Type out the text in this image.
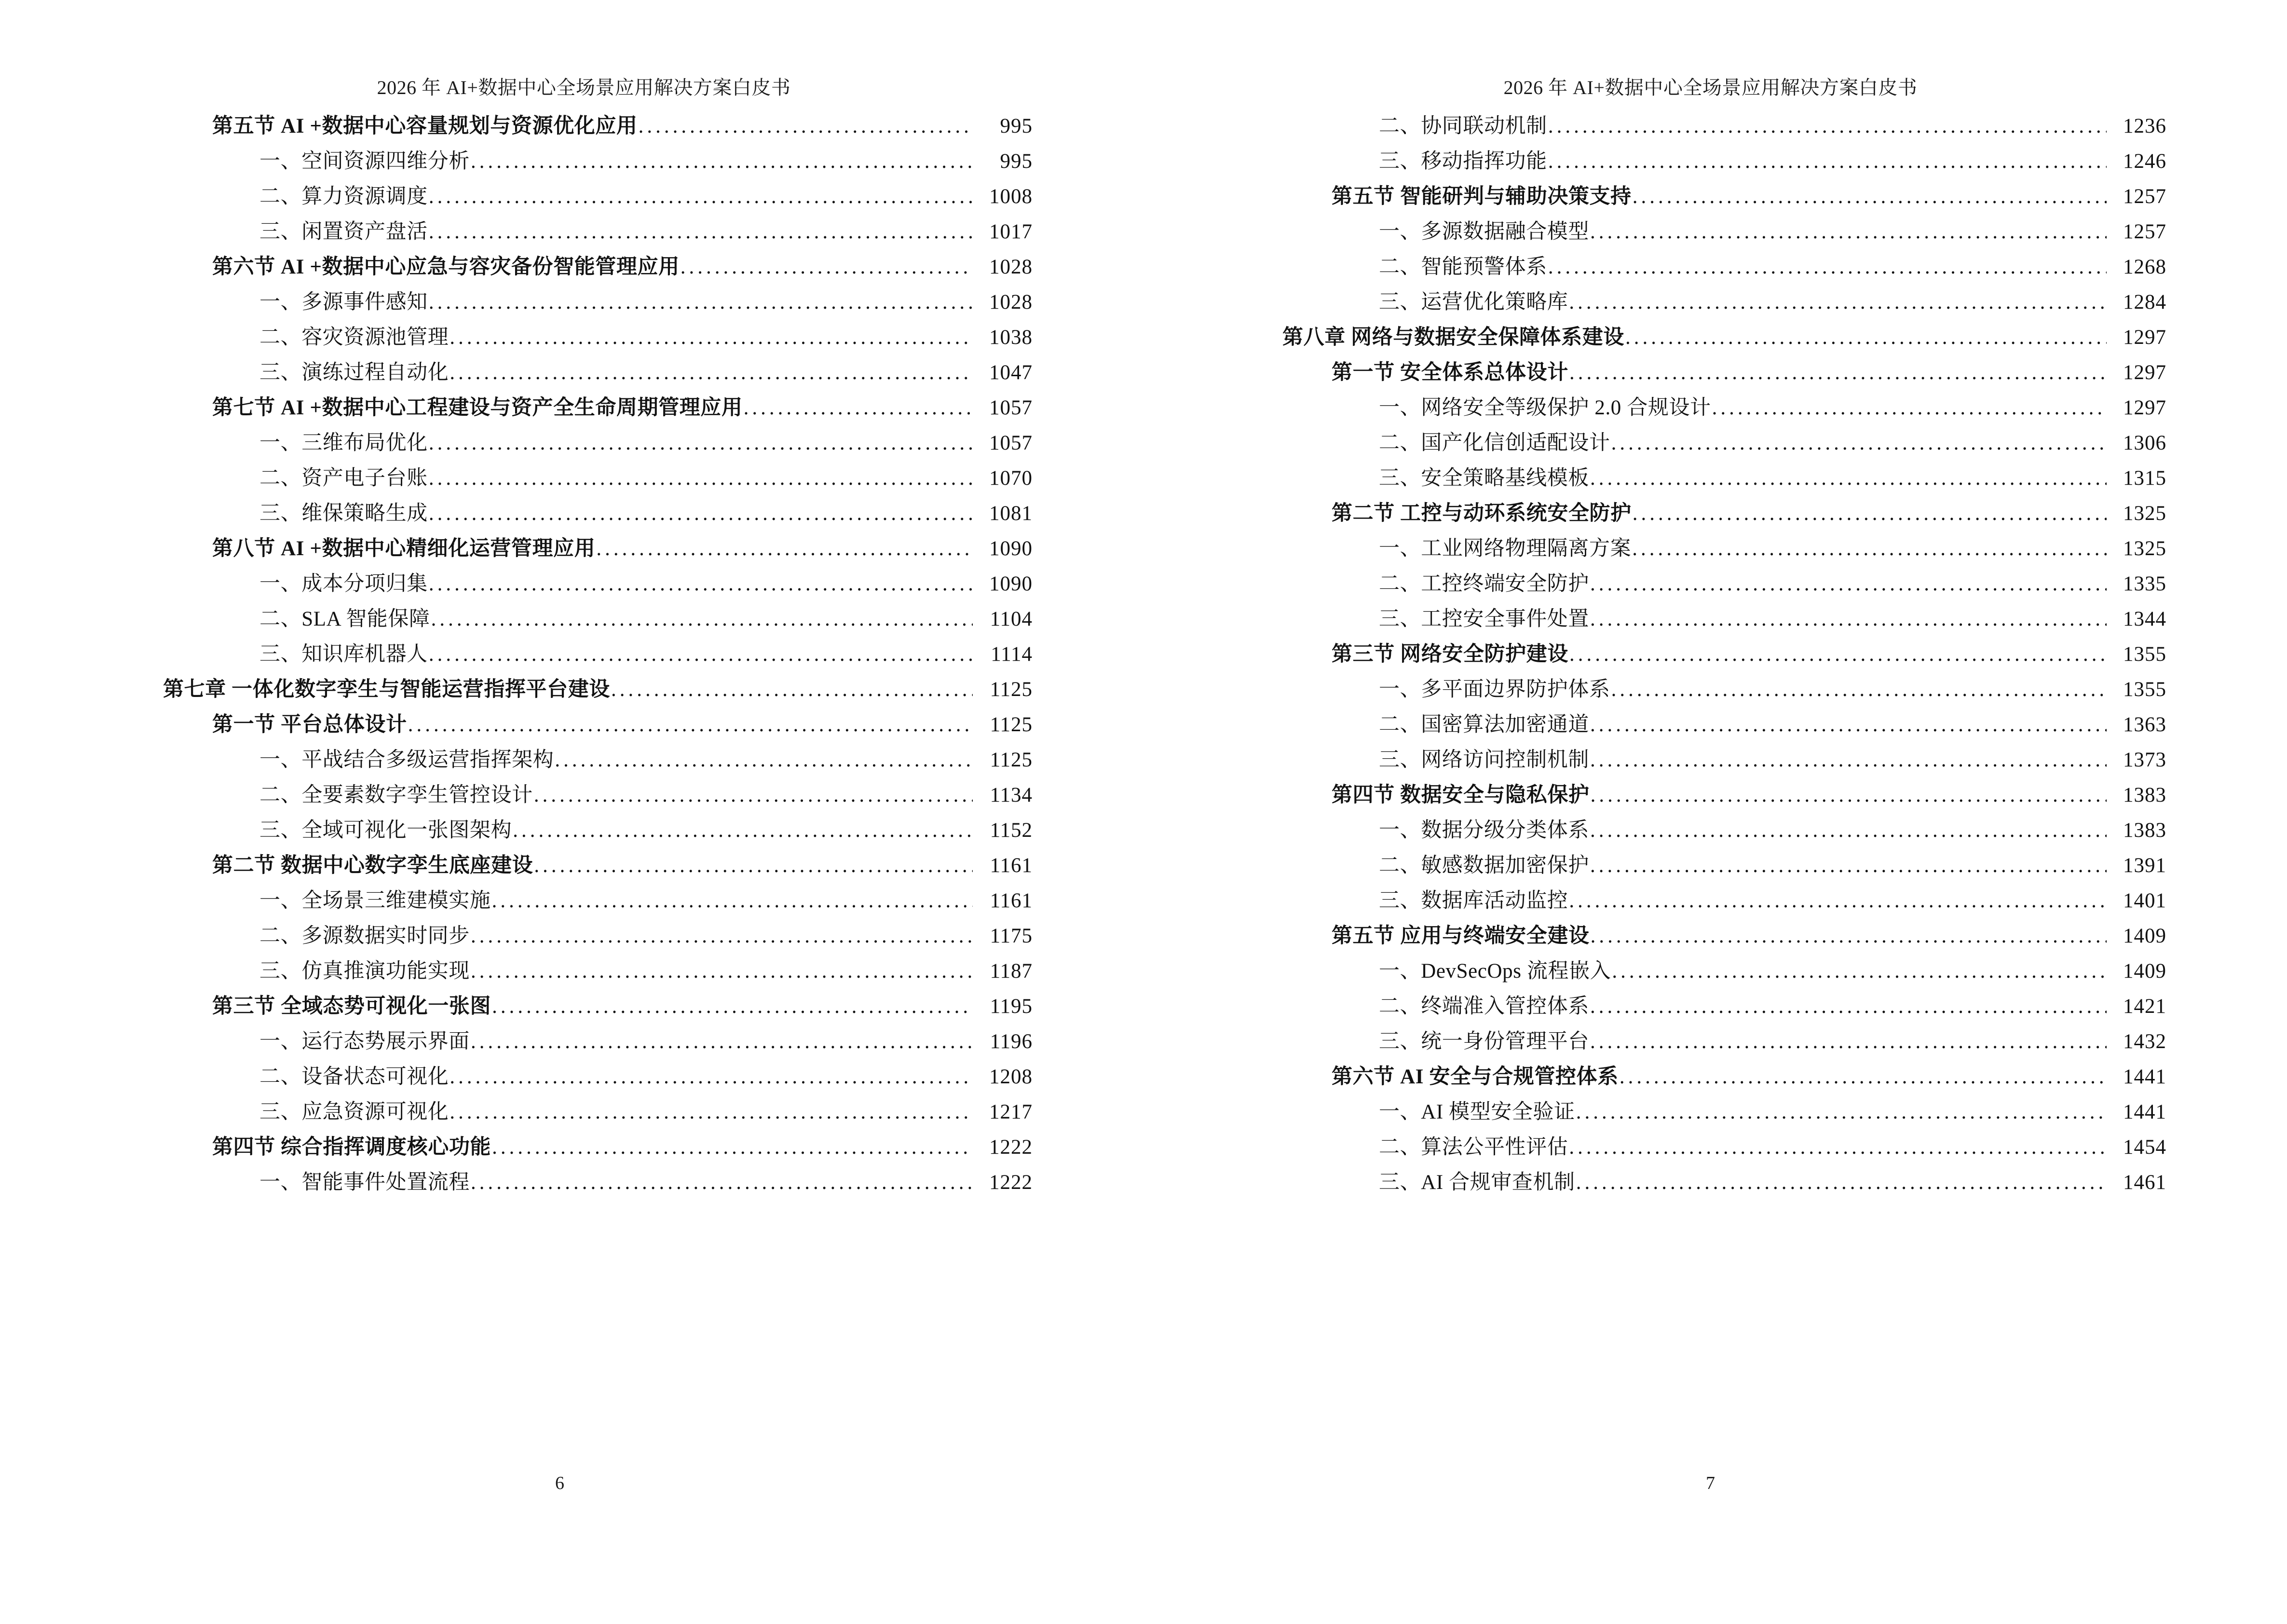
2026 年 AI+数据中心全场景应用解决方案白皮书
第五节 AI +数据中心容量规划与资源优化应用 .....	995
一、空间资源四维分析 .....	995
二、算力资源调度 .....	1008
三、闲置资产盘活 .....	1017
第六节 AI +数据中心应急与容灾备份智能管理应用 .....	1028
一、多源事件感知 .....	1028
二、容灾资源池管理 .....	1038
三、演练过程自动化 .....	1047
第七节 AI +数据中心工程建设与资产全生命周期管理应用 .....	1057
一、三维布局优化 .....	1057
二、资产电子台账 .....	1070
三、维保策略生成 .....	1081
第八节 AI +数据中心精细化运营管理应用 .....	1090
一、成本分项归集 .....	1090
二、SLA 智能保障 .....	1104
三、知识库机器人 .....	1114
第七章 一体化数字孪生与智能运营指挥平台建设 .....	1125
第一节 平台总体设计 .....	1125
一、平战结合多级运营指挥架构 .....	1125
二、全要素数字孪生管控设计 .....	1134
三、全域可视化一张图架构 .....	1152
第二节 数据中心数字孪生底座建设 .....	1161
一、全场景三维建模实施 .....	1161
二、多源数据实时同步 .....	1175
三、仿真推演功能实现 .....	1187
第三节 全域态势可视化一张图 .....	1195
一、运行态势展示界面 .....	1196
二、设备状态可视化 .....	1208
三、应急资源可视化 .....	1217
第四节 综合指挥调度核心功能 .....	1222
一、智能事件处置流程 .....	1222
6
2026 年 AI+数据中心全场景应用解决方案白皮书
二、协同联动机制 .....	1236
三、移动指挥功能 .....	1246
第五节 智能研判与辅助决策支持 .....	1257
一、多源数据融合模型 .....	1257
二、智能预警体系 .....	1268
三、运营优化策略库 .....	1284
第八章 网络与数据安全保障体系建设 .....	1297
第一节 安全体系总体设计 .....	1297
一、网络安全等级保护 2.0 合规设计 .....	1297
二、国产化信创适配设计 .....	1306
三、安全策略基线模板 .....	1315
第二节 工控与动环系统安全防护 .....	1325
一、工业网络物理隔离方案 .....	1325
二、工控终端安全防护 .....	1335
三、工控安全事件处置 .....	1344
第三节 网络安全防护建设 .....	1355
一、多平面边界防护体系 .....	1355
二、国密算法加密通道 .....	1363
三、网络访问控制机制 .....	1373
第四节 数据安全与隐私保护 .....	1383
一、数据分级分类体系 .....	1383
二、敏感数据加密保护 .....	1391
三、数据库活动监控 .....	1401
第五节 应用与终端安全建设 .....	1409
一、DevSecOps 流程嵌入 .....	1409
二、终端准入管控体系 .....	1421
三、统一身份管理平台 .....	1432
第六节 AI 安全与合规管控体系 .....	1441
一、AI 模型安全验证 .....	1441
二、算法公平性评估 .....	1454
三、AI 合规审查机制 .....	1461
7
